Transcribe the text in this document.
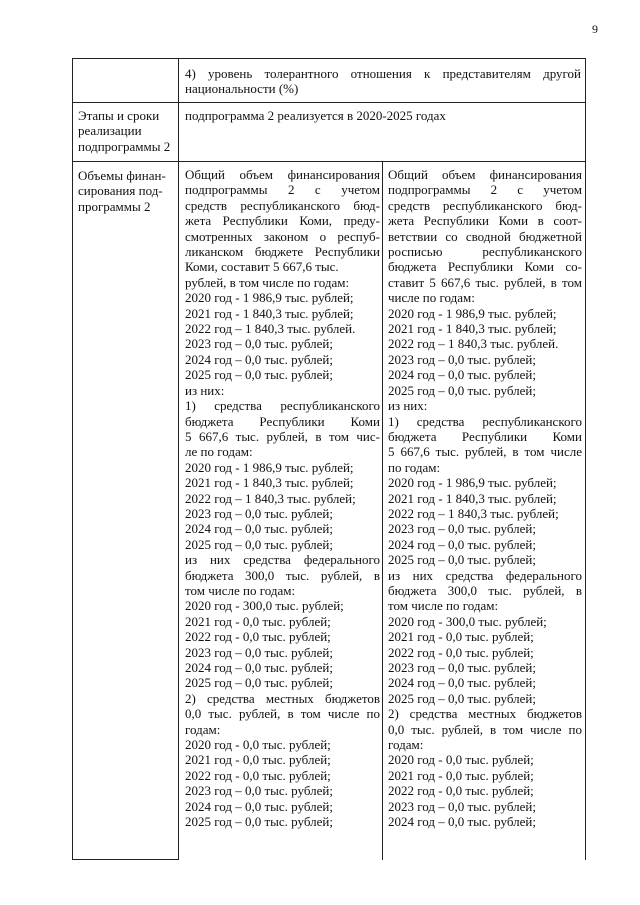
9
4) уровень толерантного отношения к представителям другой национальности (%)
Этапы и сроки реализации подпрограммы 2
подпрограмма 2 реализуется в 2020-2025 годах
Объемы финан- сирования под- программы 2

Общий объем финансирования

подпрограммы 2 с учетом

средств республиканского бюд-

жета Республики Коми, преду-

смотренных законом о респуб-

ликанском бюджете Республики

Коми, составит 5 667,6 тыс.

рублей, в том числе по годам:

2020 год - 1 986,9 тыс. рублей;

2021 год - 1 840,3 тыс. рублей;

2022 год – 1 840,3 тыс. рублей.

2023 год – 0,0 тыс. рублей;

2024 год – 0,0 тыс. рублей;

2025 год – 0,0 тыс. рублей;

из них:

1) средства республиканского

бюджета Республики Коми

5 667,6 тыс. рублей, в том чис-

ле по годам:

2020 год - 1 986,9 тыс. рублей;

2021 год - 1 840,3 тыс. рублей;

2022 год – 1 840,3 тыс. рублей;

2023 год – 0,0 тыс. рублей;

2024 год – 0,0 тыс. рублей;

2025 год – 0,0 тыс. рублей;

из них средства федерального

бюджета 300,0 тыс. рублей, в

том числе по годам:

2020 год - 300,0 тыс. рублей;

2021 год - 0,0 тыс. рублей;

2022 год - 0,0 тыс. рублей;

2023 год – 0,0 тыс. рублей;

2024 год – 0,0 тыс. рублей;

2025 год – 0,0 тыс. рублей;

2) средства местных бюджетов

0,0 тыс. рублей, в том числе по

годам:

2020 год - 0,0 тыс. рублей;

2021 год - 0,0 тыс. рублей;

2022 год - 0,0 тыс. рублей;

2023 год – 0,0 тыс. рублей;

2024 год – 0,0 тыс. рублей;

2025 год – 0,0 тыс. рублей;

Общий объем финансирования

подпрограммы 2 с учетом

средств республиканского бюд-

жета Республики Коми в соот-

ветствии со сводной бюджетной

росписью республиканского

бюджета Республики Коми со-

ставит 5 667,6 тыс. рублей, в том

числе по годам:

2020 год - 1 986,9 тыс. рублей;

2021 год - 1 840,3 тыс. рублей;

2022 год – 1 840,3 тыс. рублей.

2023 год – 0,0 тыс. рублей;

2024 год – 0,0 тыс. рублей;

2025 год – 0,0 тыс. рублей;

из них:

1) средства республиканского

бюджета Республики Коми

5 667,6 тыс. рублей, в том числе

по годам:

2020 год - 1 986,9 тыс. рублей;

2021 год - 1 840,3 тыс. рублей;

2022 год – 1 840,3 тыс. рублей;

2023 год – 0,0 тыс. рублей;

2024 год – 0,0 тыс. рублей;

2025 год – 0,0 тыс. рублей;

из них средства федерального

бюджета 300,0 тыс. рублей, в

том числе по годам:

2020 год - 300,0 тыс. рублей;

2021 год - 0,0 тыс. рублей;

2022 год - 0,0 тыс. рублей;

2023 год – 0,0 тыс. рублей;

2024 год – 0,0 тыс. рублей;

2025 год – 0,0 тыс. рублей;

2) средства местных бюджетов

0,0 тыс. рублей, в том числе по

годам:

2020 год - 0,0 тыс. рублей;

2021 год - 0,0 тыс. рублей;

2022 год - 0,0 тыс. рублей;

2023 год – 0,0 тыс. рублей;

2024 год – 0,0 тыс. рублей;
